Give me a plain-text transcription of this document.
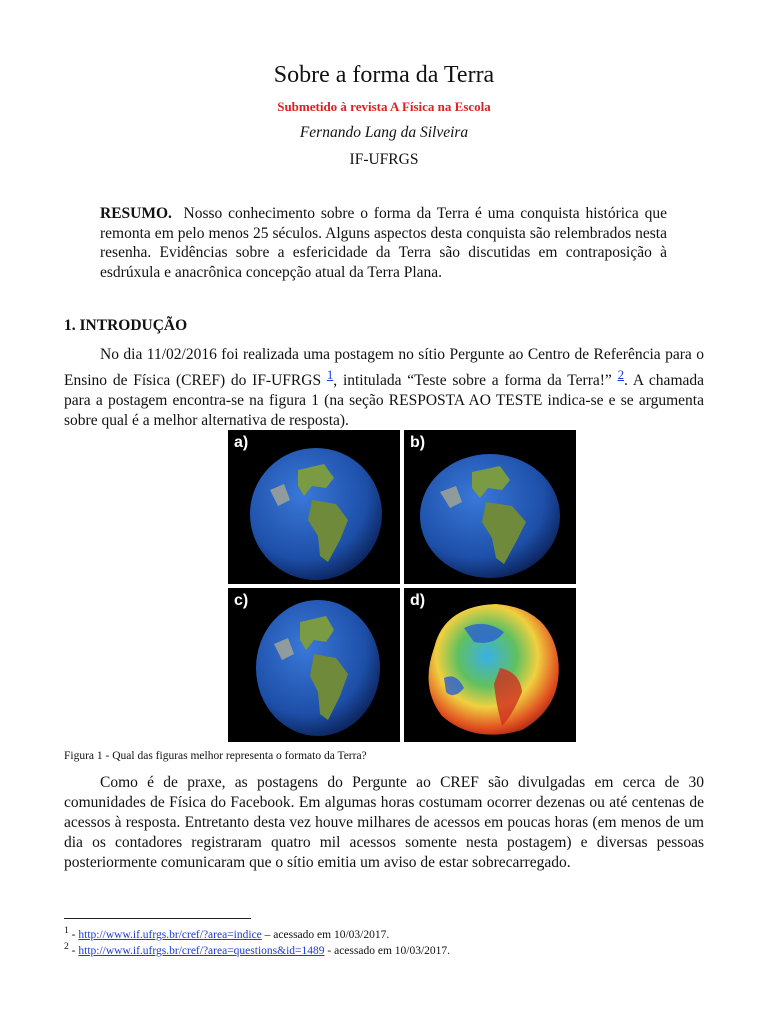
Sobre a forma da Terra
Submetido à revista A Física na Escola
Fernando Lang da Silveira
IF-UFRGS
RESUMO. Nosso conhecimento sobre o forma da Terra é uma conquista histórica que remonta em pelo menos 25 séculos. Alguns aspectos desta conquista são relembrados nesta resenha. Evidências sobre a esfericidade da Terra são discutidas em contraposição à esdrúxula e anacrônica concepção atual da Terra Plana.
1. INTRODUÇÃO
No dia 11/02/2016 foi realizada uma postagem no sítio Pergunte ao Centro de Referência para o Ensino de Física (CREF) do IF-UFRGS $^1$, intitulada “Teste sobre a forma da Terra!” $^2$. A chamada para a postagem encontra-se na figura 1 (na seção RESPOSTA AO TESTE indica-se e se argumenta sobre qual é a melhor alternativa de resposta).
a)	b)
c)	d)
Figura 1 - Qual das figuras melhor representa o formato da Terra?
Como é de praxe, as postagens do Pergunte ao CREF são divulgadas em cerca de 30 comunidades de Física do Facebook. Em algumas horas costumam ocorrer dezenas ou até centenas de acessos à resposta. Entretanto desta vez houve milhares de acessos em poucas horas (em menos de um dia os contadores registraram quatro mil acessos somente nesta postagem) e diversas pessoas posteriormente comunicaram que o sítio emitia um aviso de estar sobrecarregado.
$^1$ - http://www.if.ufrgs.br/cref/?area=indice – acessado em 10/03/2017.
$^2$ - http://www.if.ufrgs.br/cref/?area=questions&id=1489 - acessado em 10/03/2017.
